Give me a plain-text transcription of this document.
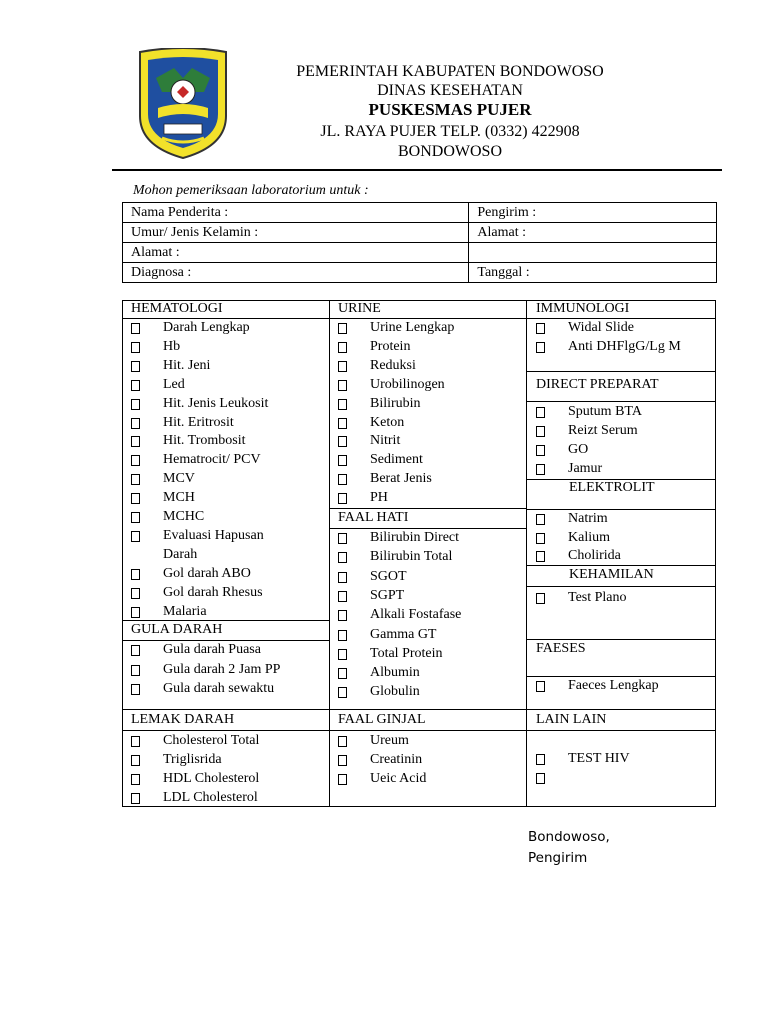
PEMERINTAH KABUPATEN BONDOWOSO
DINAS KESEHATAN
PUSKESMAS PUJER
JL. RAYA PUJER TELP. (0332) 422908
BONDOWOSO
Mohon pemeriksaan laboratorium untuk :
Nama Penderita :	Pengirim :
Umur/ Jenis Kelamin :	Alamat :
Alamat :	
Diagnosa :	Tanggal :
HEMATOLOGI
Darah Lengkap
Hb
Hit. Jeni
Led
Hit. Jenis Leukosit
Hit. Eritrosit
Hit. Trombosit
Hematrocit/ PCV
MCV
MCH
MCHC
Evaluasi Hapusan
Darah
Gol darah ABO
Gol darah Rhesus
Malaria
GULA DARAH
Gula darah Puasa
Gula darah 2 Jam PP
Gula darah sewaktu
LEMAK DARAH
Cholesterol Total
Triglisrida
HDL Cholesterol
LDL Cholesterol
URINE
Urine Lengkap
Protein
Reduksi
Urobilinogen
Bilirubin
Keton
Nitrit
Sediment
Berat Jenis
PH
FAAL HATI
Bilirubin Direct
Bilirubin Total
SGOT
SGPT
Alkali Fostafase
Gamma GT
Total Protein
Albumin
Globulin
FAAL GINJAL
Ureum
Creatinin
Ueic Acid
IMMUNOLOGI
Widal Slide
Anti DHFlgG/Lg M
DIRECT PREPARAT
Sputum BTA
Reizt Serum
GO
Jamur
ELEKTROLIT
Natrim
Kalium
Cholirida
KEHAMILAN
Test Plano
FAESES
Faeces Lengkap
LAIN LAIN
TEST HIV
Bondowoso,
Pengirim
